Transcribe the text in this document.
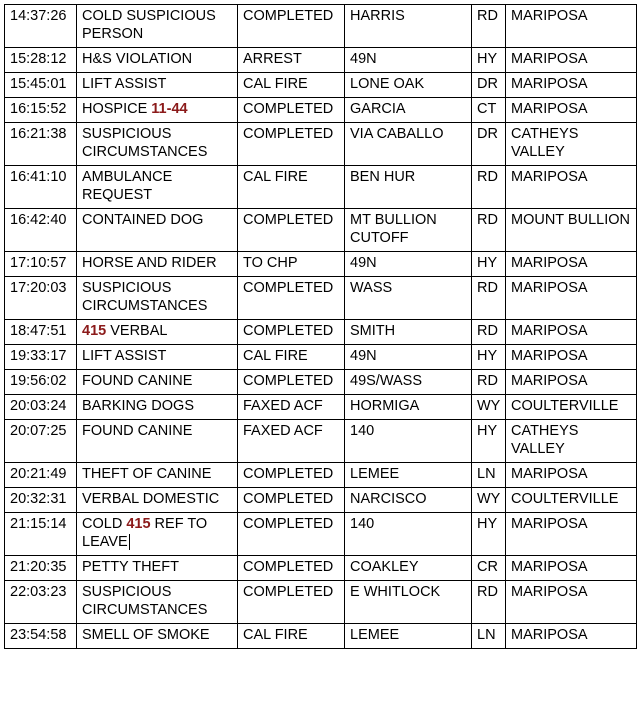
14:37:26	COLD SUSPICIOUS PERSON	COMPLETED	HARRIS	RD	MARIPOSA
15:28:12	H&S VIOLATION	ARREST	49N	HY	MARIPOSA
15:45:01	LIFT ASSIST	CAL FIRE	LONE OAK	DR	MARIPOSA
16:15:52	HOSPICE 11-44	COMPLETED	GARCIA	CT	MARIPOSA
16:21:38	SUSPICIOUS CIRCUMSTANCES	COMPLETED	VIA CABALLO	DR	CATHEYS VALLEY
16:41:10	AMBULANCE REQUEST	CAL FIRE	BEN HUR	RD	MARIPOSA
16:42:40	CONTAINED DOG	COMPLETED	MT BULLION CUTOFF	RD	MOUNT BULLION
17:10:57	HORSE AND RIDER	TO CHP	49N	HY	MARIPOSA
17:20:03	SUSPICIOUS CIRCUMSTANCES	COMPLETED	WASS	RD	MARIPOSA
18:47:51	415 VERBAL	COMPLETED	SMITH	RD	MARIPOSA
19:33:17	LIFT ASSIST	CAL FIRE	49N	HY	MARIPOSA
19:56:02	FOUND CANINE	COMPLETED	49S/WASS	RD	MARIPOSA
20:03:24	BARKING DOGS	FAXED ACF	HORMIGA	WY	COULTERVILLE
20:07:25	FOUND CANINE	FAXED ACF	140	HY	CATHEYS VALLEY
20:21:49	THEFT OF CANINE	COMPLETED	LEMEE	LN	MARIPOSA
20:32:31	VERBAL DOMESTIC	COMPLETED	NARCISCO	WY	COULTERVILLE
21:15:14	COLD 415 REF TO LEAVE	COMPLETED	140	HY	MARIPOSA
21:20:35	PETTY THEFT	COMPLETED	COAKLEY	CR	MARIPOSA
22:03:23	SUSPICIOUS CIRCUMSTANCES	COMPLETED	E WHITLOCK	RD	MARIPOSA
23:54:58	SMELL OF SMOKE	CAL FIRE	LEMEE	LN	MARIPOSA
